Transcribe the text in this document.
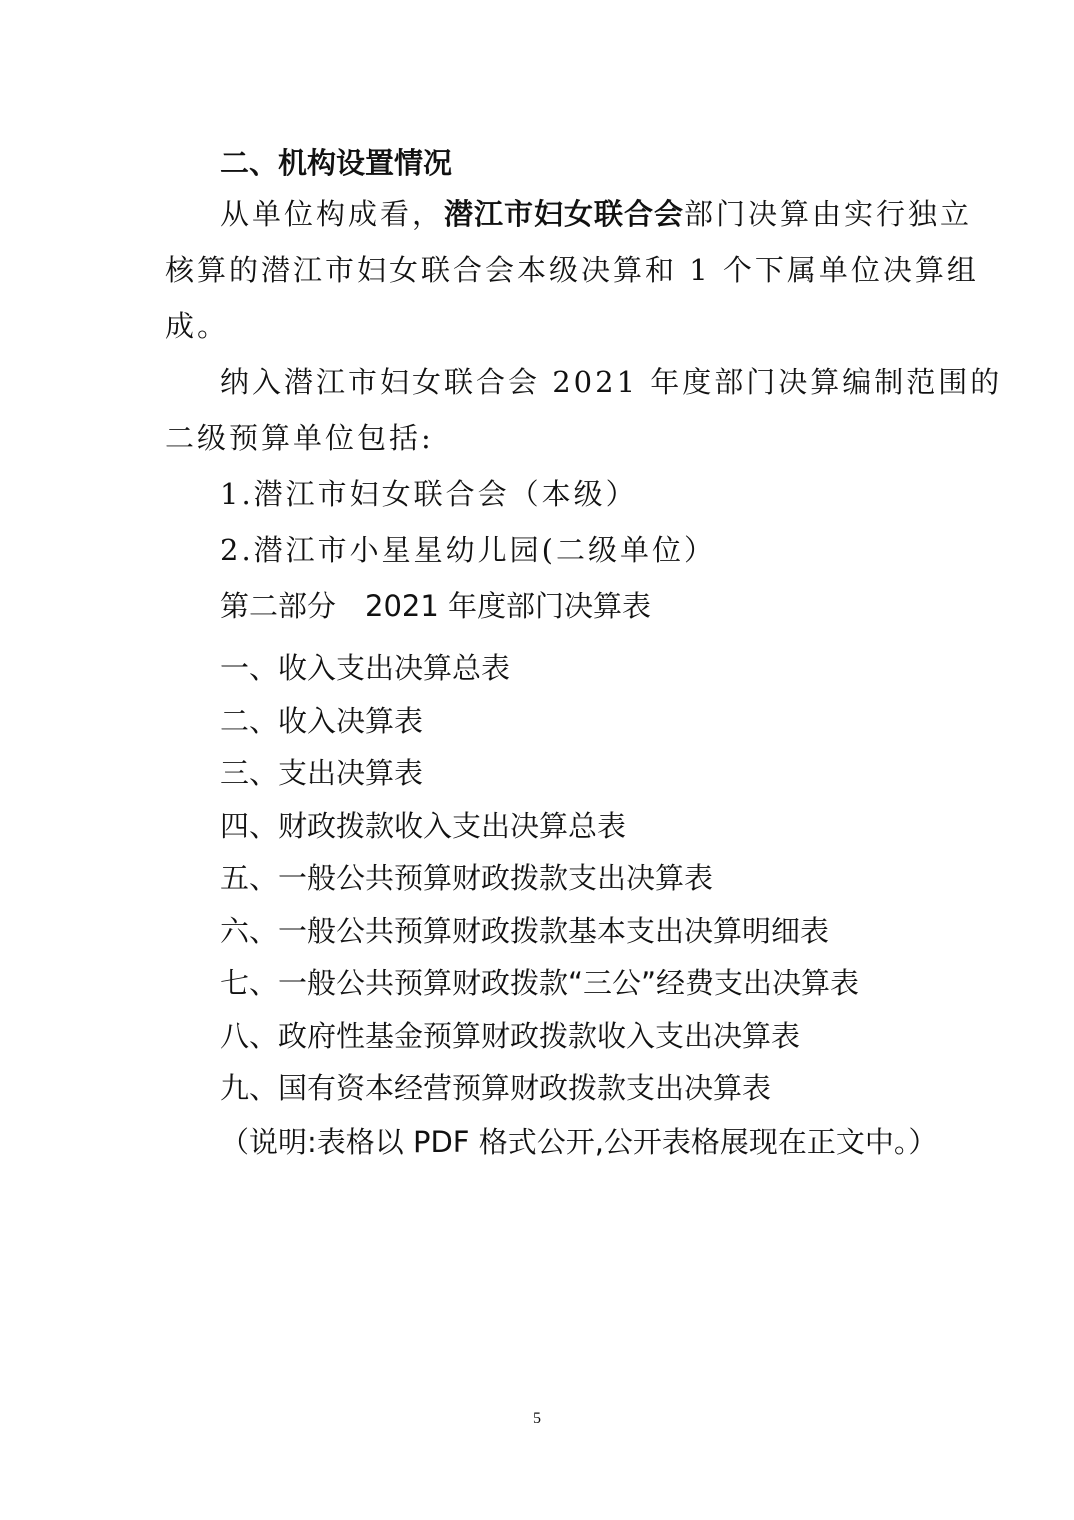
二、机构设置情况

从单位构成看，潜江市妇女联合会部门决算由实行独立

核算的潜江市妇女联合会本级决算和 1 个下属单位决算组

成。

纳入潜江市妇女联合会 2021 年度部门决算编制范围的

二级预算单位包括:

1.潜江市妇女联合会（本级）

2.潜江市小星星幼儿园(二级单位）

第二部分　2021 年度部门决算表

一、收入支出决算总表

二、收入决算表

三、支出决算表

四、财政拨款收入支出决算总表

五、一般公共预算财政拨款支出决算表

六、一般公共预算财政拨款基本支出决算明细表

七、一般公共预算财政拨款“三公”经费支出决算表

八、政府性基金预算财政拨款收入支出决算表

九、国有资本经营预算财政拨款支出决算表

（说明:表格以 PDF 格式公开,公开表格展现在正文中。）

5
